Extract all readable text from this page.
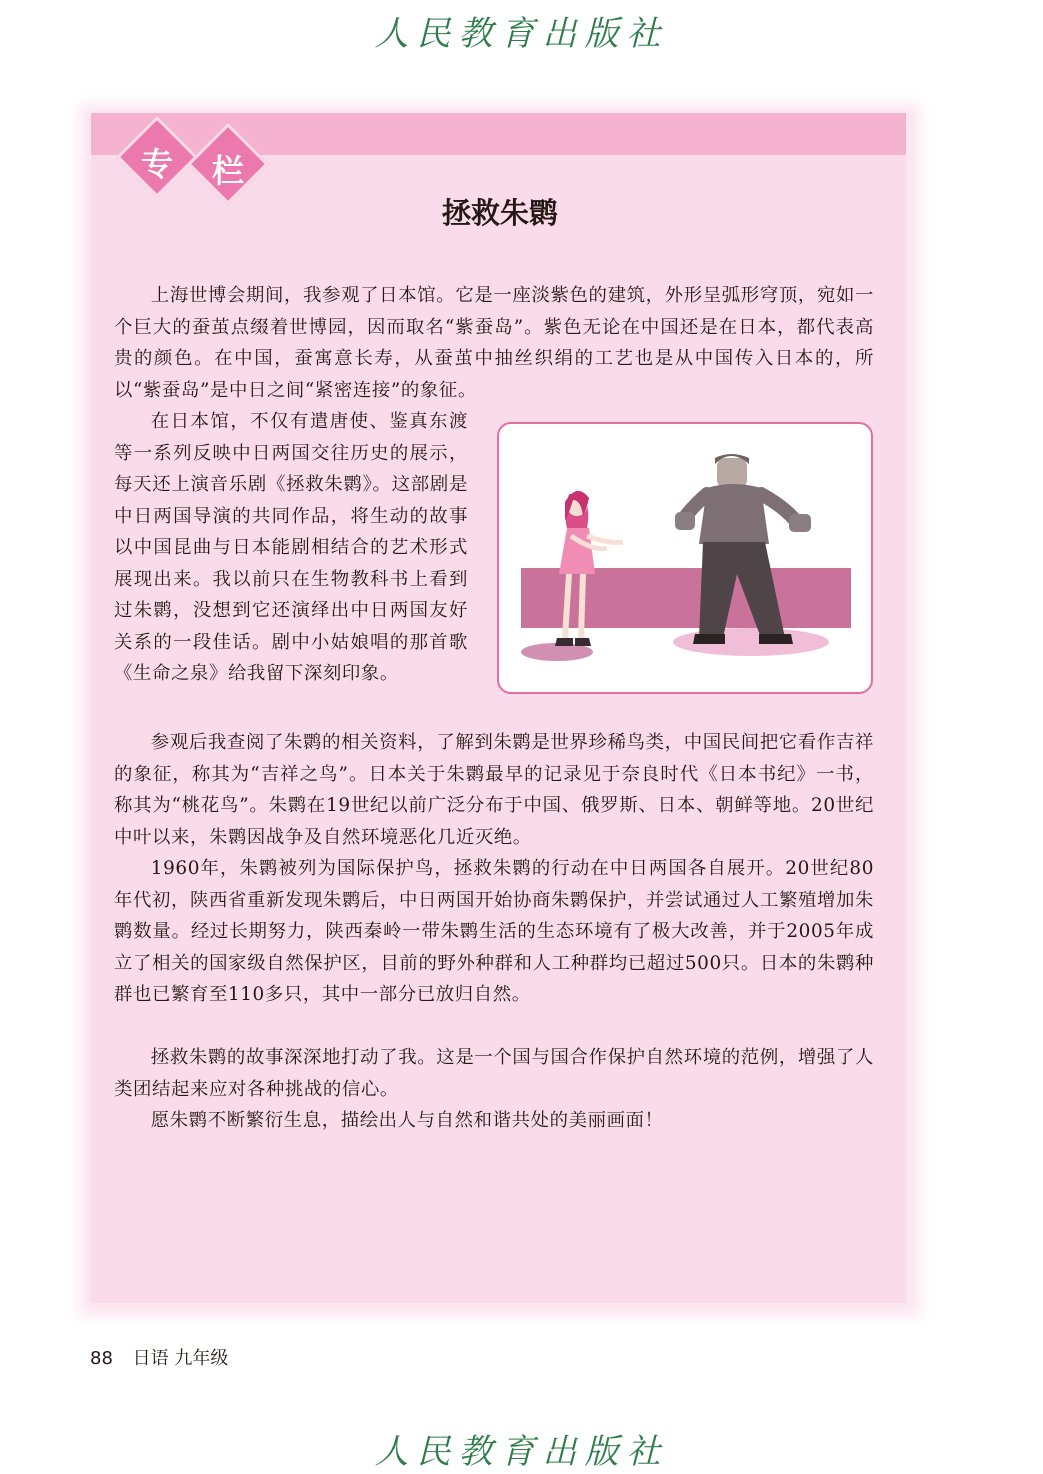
人民教育出版社
专	栏
拯救朱鹮

上海世博会期间，我参观了日本馆。它是一座淡紫色的建筑，外形呈弧形穹顶，宛如一个巨大的蚕茧点缀着世博园，因而取名“紫蚕岛”。紫色无论在中国还是在日本，都代表高贵的颜色。在中国，蚕寓意长寿，从蚕茧中抽丝织绢的工艺也是从中国传入日本的，所以“紫蚕岛”是中日之间“紧密连接”的象征。

在日本馆，不仅有遣唐使、鉴真东渡等一系列反映中日两国交往历史的展示，每天还上演音乐剧《拯救朱鹮》。这部剧是中日两国导演的共同作品，将生动的故事以中国昆曲与日本能剧相结合的艺术形式展现出来。我以前只在生物教科书上看到过朱鹮，没想到它还演绎出中日两国友好关系的一段佳话。剧中小姑娘唱的那首歌《生命之泉》给我留下深刻印象。

参观后我查阅了朱鹮的相关资料，了解到朱鹮是世界珍稀鸟类，中国民间把它看作吉祥的象征，称其为“吉祥之鸟”。日本关于朱鹮最早的记录见于奈良时代《日本书纪》一书，称其为“桃花鸟”。朱鹮在19世纪以前广泛分布于中国、俄罗斯、日本、朝鲜等地。20世纪中叶以来，朱鹮因战争及自然环境恶化几近灭绝。

1960年，朱鹮被列为国际保护鸟，拯救朱鹮的行动在中日两国各自展开。20世纪80年代初，陕西省重新发现朱鹮后，中日两国开始协商朱鹮保护，并尝试通过人工繁殖增加朱鹮数量。经过长期努力，陕西秦岭一带朱鹮生活的生态环境有了极大改善，并于2005年成立了相关的国家级自然保护区，目前的野外种群和人工种群均已超过500只。日本的朱鹮种群也已繁育至110多只，其中一部分已放归自然。

拯救朱鹮的故事深深地打动了我。这是一个国与国合作保护自然环境的范例，增强了人类团结起来应对各种挑战的信心。

愿朱鹮不断繁衍生息，描绘出人与自然和谐共处的美丽画面！

88 日语 九年级
人民教育出版社
